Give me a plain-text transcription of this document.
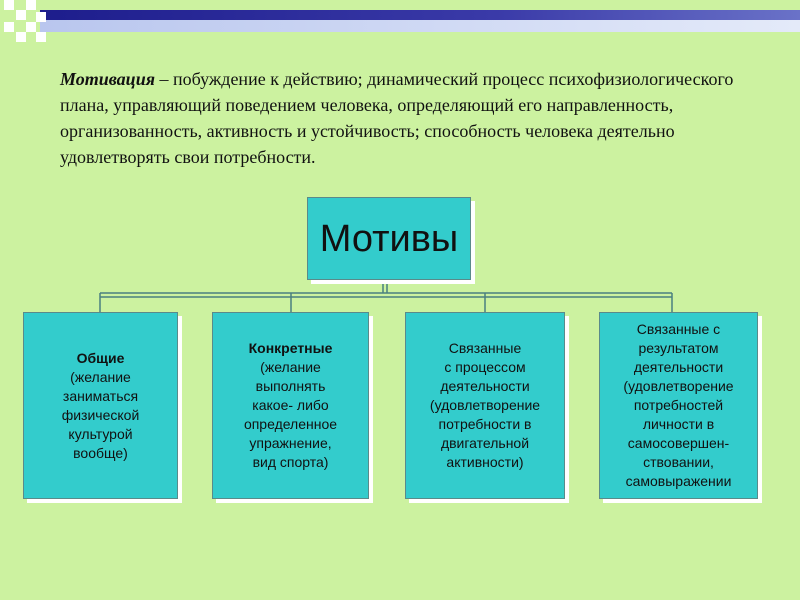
Мотивация – побуждение к действию; динамический процесс психофизиологического плана, управляющий поведением человека, определяющий его направленность, организованность, активность и устойчивость; способность человека деятельно удовлетворять свои потребности.
Мотивы
Общие
(желание
заниматься
физической
культурой
вообще)
Конкретные
(желание
выполнять
какое- либо
определенное
упражнение,
вид спорта)
Связанные
с процессом
деятельности
(удовлетворение
потребности в
двигательной
активности)
Связанные с
результатом
деятельности
(удовлетворение
потребностей
личности в
самосовершен-
ствовании,
самовыражении
